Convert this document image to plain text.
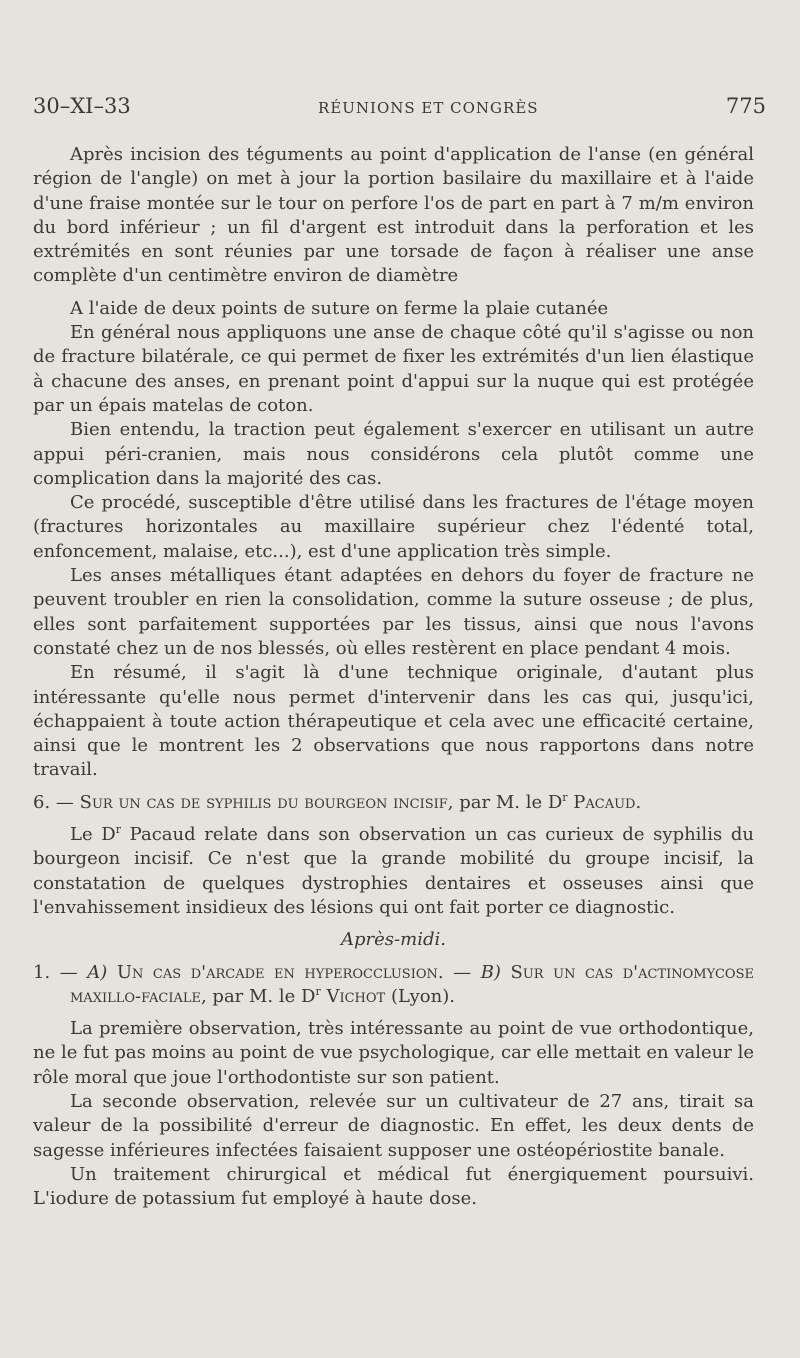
30–XI–33	RÉUNIONS ET CONGRÈS	775

Après incision des téguments au point d'application de l'anse (en général région de l'angle) on met à jour la portion basilaire du maxillaire et à l'aide d'une fraise montée sur le tour on perfore l'os de part en part à 7 m/m environ du bord inférieur ; un fil d'argent est introduit dans la perforation et les extrémités en sont réunies par une torsade de façon à réaliser une anse complète d'un centimètre environ de diamètre

A l'aide de deux points de suture on ferme la plaie cutanée

En général nous appliquons une anse de chaque côté qu'il s'agisse ou non de fracture bilatérale, ce qui permet de fixer les extrémités d'un lien élastique à chacune des anses, en prenant point d'appui sur la nuque qui est protégée par un épais matelas de coton.

Bien entendu, la traction peut également s'exercer en utilisant un autre appui péri-cranien, mais nous considérons cela plutôt comme une complication dans la majorité des cas.

Ce procédé, susceptible d'être utilisé dans les fractures de l'étage moyen (fractures horizontales au maxillaire supérieur chez l'édenté total, enfoncement, malaise, etc...), est d'une application très simple.

Les anses métalliques étant adaptées en dehors du foyer de fracture ne peuvent troubler en rien la consolidation, comme la suture osseuse ; de plus, elles sont parfaitement supportées par les tissus, ainsi que nous l'avons constaté chez un de nos blessés, où elles restèrent en place pendant 4 mois.

En résumé, il s'agit là d'une technique originale, d'autant plus intéressante qu'elle nous permet d'intervenir dans les cas qui, jusqu'ici, échappaient à toute action thérapeutique et cela avec une efficacité certaine, ainsi que le montrent les 2 observations que nous rapportons dans notre travail.

6. — Sur un cas de syphilis du bourgeon incisif, par M. le $D^r$ Pacaud.

Le $D^r$ Pacaud relate dans son observation un cas curieux de syphilis du bourgeon incisif. Ce n'est que la grande mobilité du groupe incisif, la constatation de quelques dystrophies dentaires et osseuses ainsi que l'envahissement insidieux des lésions qui ont fait porter ce diagnostic.

Après-midi.

1. — A) Un cas d'arcade en hyperocclusion. — B) Sur un cas d'actinomycose maxillo-faciale, par M. le $D^r$ Vichot (Lyon).

La première observation, très intéressante au point de vue orthodontique, ne le fut pas moins au point de vue psychologique, car elle mettait en valeur le rôle moral que joue l'orthodontiste sur son patient.

La seconde observation, relevée sur un cultivateur de 27 ans, tirait sa valeur de la possibilité d'erreur de diagnostic. En effet, les deux dents de sagesse inférieures infectées faisaient supposer une ostéopériostite banale.

Un traitement chirurgical et médical fut énergiquement poursuivi. L'iodure de potassium fut employé à haute dose.
